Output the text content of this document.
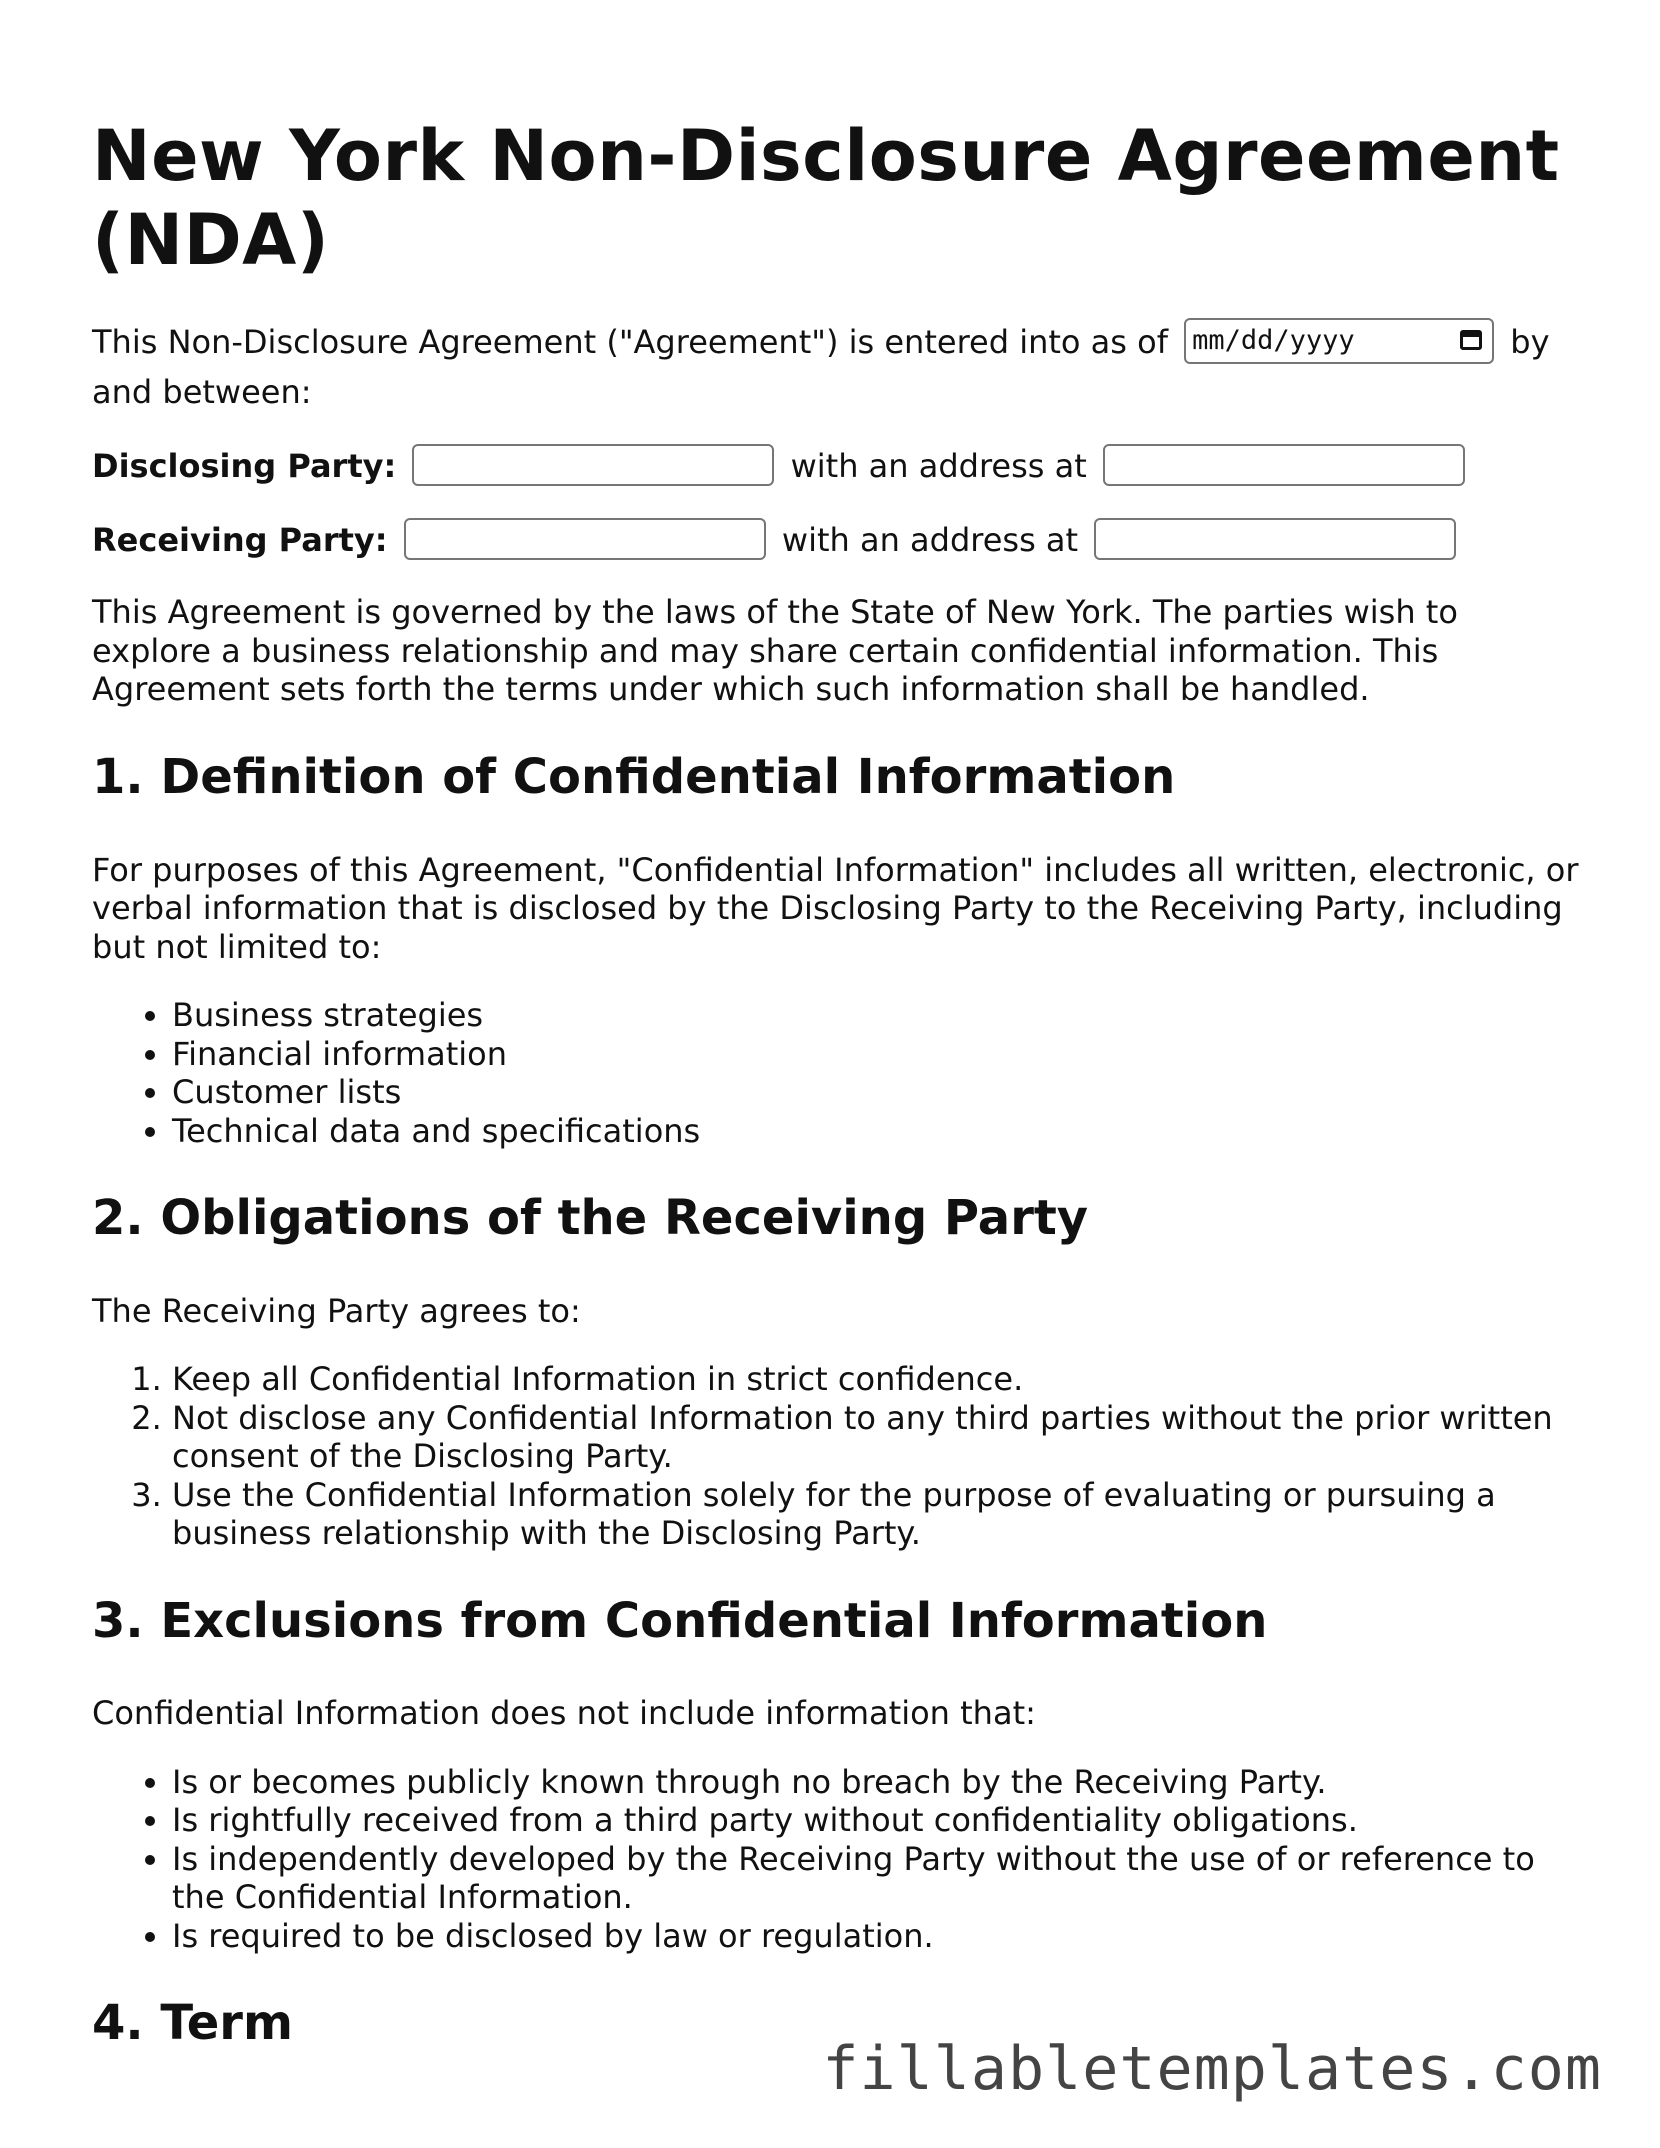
New York Non-Disclosure Agreement (NDA)
This Non-Disclosure Agreement ("Agreement") is entered into as of mm/dd/yyyy	by and between:
Disclosing Party:	with an address at
Receiving Party:	with an address at

This Agreement is governed by the laws of the State of New York. The parties wish to explore a business relationship and may share certain confidential information. This Agreement sets forth the terms under which such information shall be handled.

1. Definition of Confidential Information

For purposes of this Agreement, "Confidential Information" includes all written, electronic, or verbal information that is disclosed by the Disclosing Party to the Receiving Party, including but not limited to:

• Business strategies
• Financial information
• Customer lists
• Technical data and specifications
2. Obligations of the Receiving Party

The Receiving Party agrees to:

1. Keep all Confidential Information in strict confidence.
2. Not disclose any Confidential Information to any third parties without the prior written consent of the Disclosing Party.
3. Use the Confidential Information solely for the purpose of evaluating or pursuing a business relationship with the Disclosing Party.
3. Exclusions from Confidential Information

Confidential Information does not include information that:

• Is or becomes publicly known through no breach by the Receiving Party.
• Is rightfully received from a third party without confidentiality obligations.
• Is independently developed by the Receiving Party without the use of or reference to the Confidential Information.
• Is required to be disclosed by law or regulation.
4. Term
fillabletemplates.com
